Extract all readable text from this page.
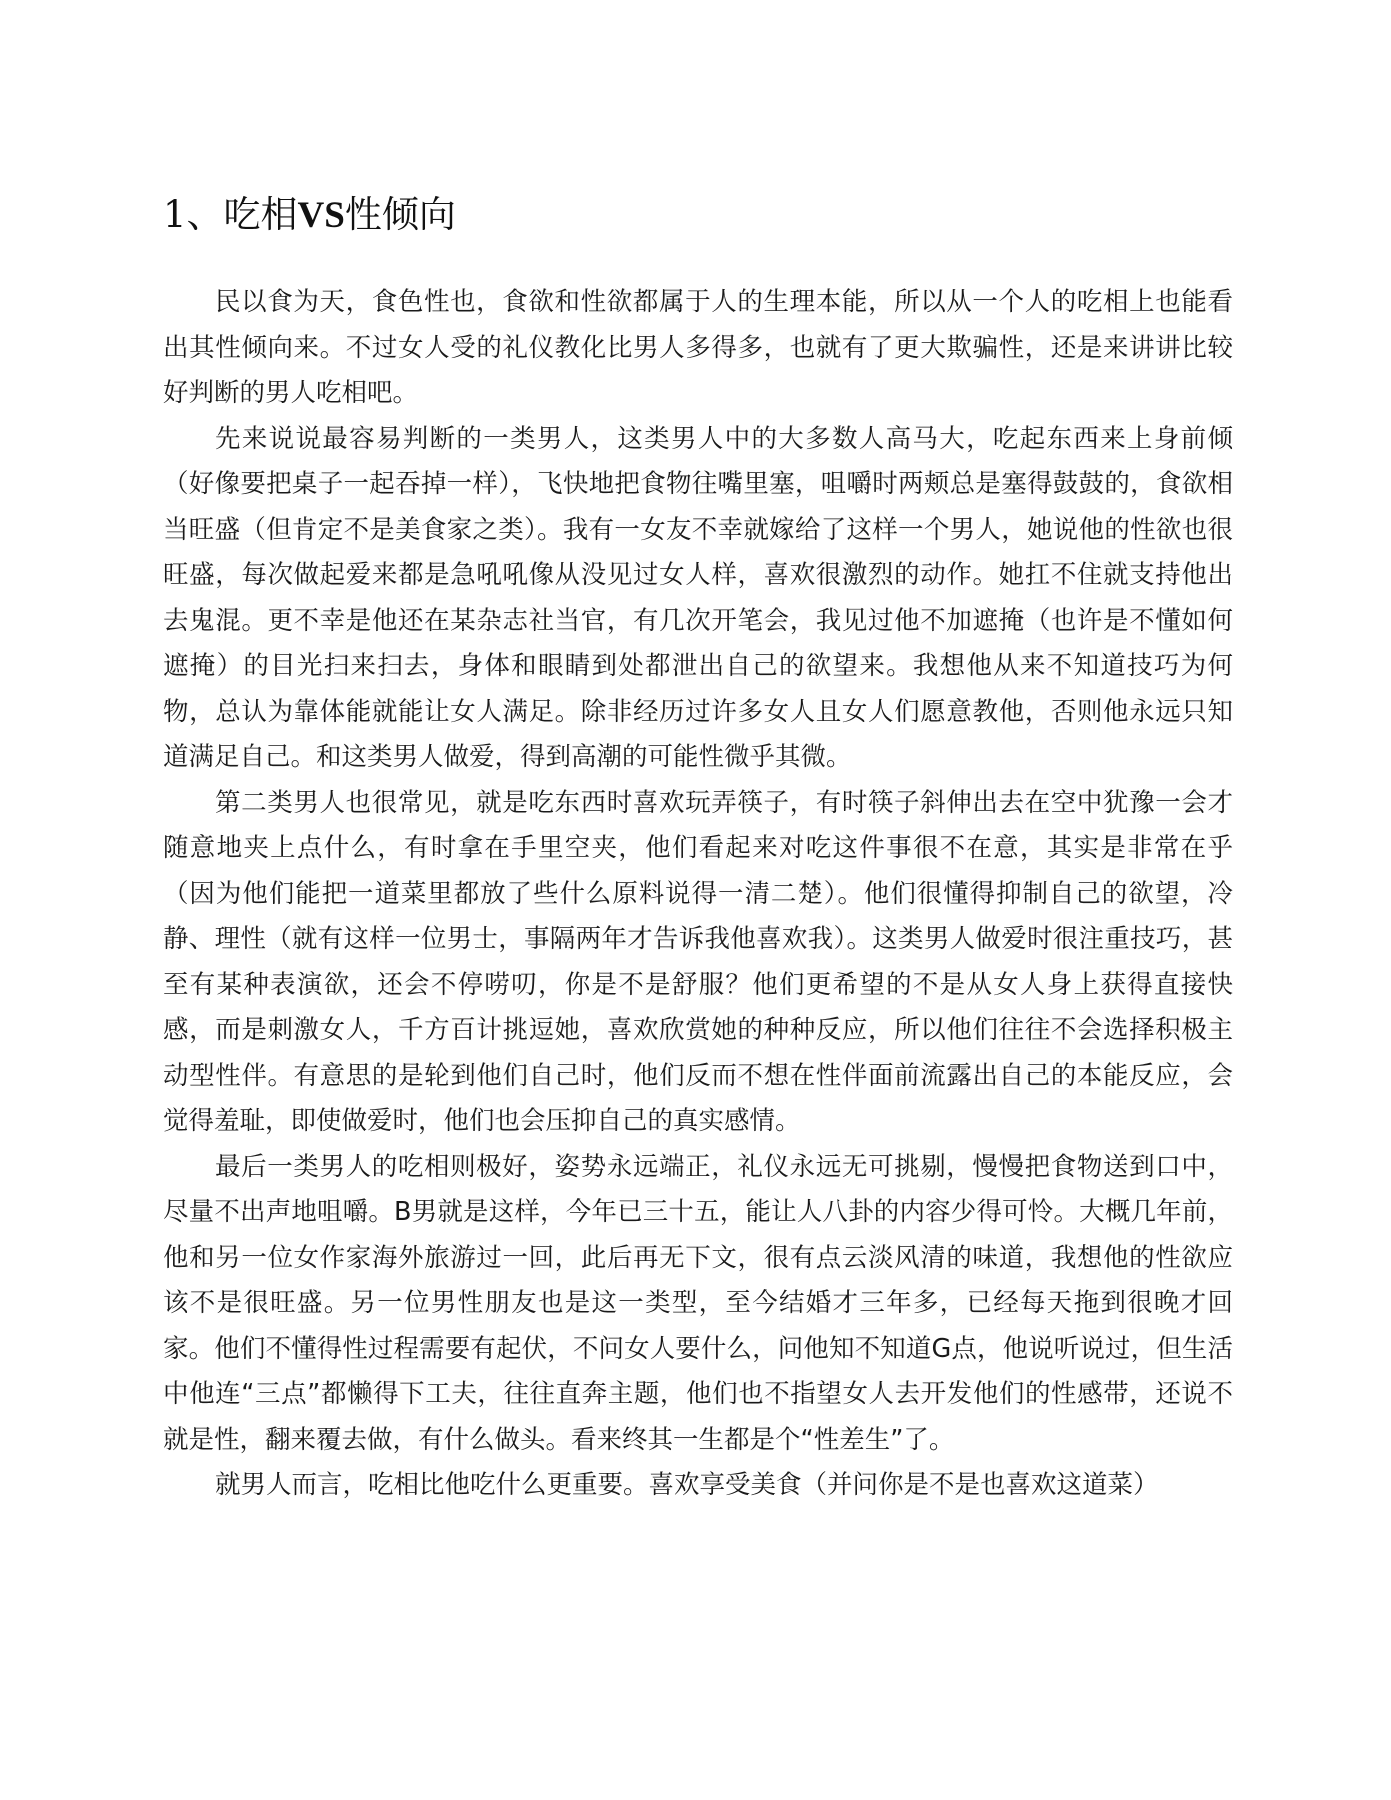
1、吃相VS性倾向

民以食为天，食色性也，食欲和性欲都属于人的生理本能，所以从一个人的吃相上也能看出其性倾向来。不过女人受的礼仪教化比男人多得多，也就有了更大欺骗性，还是来讲讲比较好判断的男人吃相吧。

先来说说最容易判断的一类男人，这类男人中的大多数人高马大，吃起东西来上身前倾（好像要把桌子一起吞掉一样），飞快地把食物往嘴里塞，咀嚼时两颊总是塞得鼓鼓的，食欲相当旺盛（但肯定不是美食家之类）。我有一女友不幸就嫁给了这样一个男人，她说他的性欲也很旺盛，每次做起爱来都是急吼吼像从没见过女人样，喜欢很激烈的动作。她扛不住就支持他出去鬼混。更不幸是他还在某杂志社当官，有几次开笔会，我见过他不加遮掩（也许是不懂如何遮掩）的目光扫来扫去，身体和眼睛到处都泄出自己的欲望来。我想他从来不知道技巧为何物，总认为靠体能就能让女人满足。除非经历过许多女人且女人们愿意教他，否则他永远只知道满足自己。和这类男人做爱，得到高潮的可能性微乎其微。

第二类男人也很常见，就是吃东西时喜欢玩弄筷子，有时筷子斜伸出去在空中犹豫一会才随意地夹上点什么，有时拿在手里空夹，他们看起来对吃这件事很不在意，其实是非常在乎（因为他们能把一道菜里都放了些什么原料说得一清二楚）。他们很懂得抑制自己的欲望，冷静、理性（就有这样一位男士，事隔两年才告诉我他喜欢我）。这类男人做爱时很注重技巧，甚至有某种表演欲，还会不停唠叨，你是不是舒服？他们更希望的不是从女人身上获得直接快感，而是刺激女人，千方百计挑逗她，喜欢欣赏她的种种反应，所以他们往往不会选择积极主动型性伴。有意思的是轮到他们自己时，他们反而不想在性伴面前流露出自己的本能反应，会觉得羞耻，即使做爱时，他们也会压抑自己的真实感情。

最后一类男人的吃相则极好，姿势永远端正，礼仪永远无可挑剔，慢慢把食物送到口中，尽量不出声地咀嚼。B男就是这样，今年已三十五，能让人八卦的内容少得可怜。大概几年前，他和另一位女作家海外旅游过一回，此后再无下文，很有点云淡风清的味道，我想他的性欲应该不是很旺盛。另一位男性朋友也是这一类型，至今结婚才三年多，已经每天拖到很晚才回家。他们不懂得性过程需要有起伏，不问女人要什么，问他知不知道G点，他说听说过，但生活中他连“三点”都懒得下工夫，往往直奔主题，他们也不指望女人去开发他们的性感带，还说不就是性，翻来覆去做，有什么做头。看来终其一生都是个“性差生”了。

就男人而言，吃相比他吃什么更重要。喜欢享受美食（并问你是不是也喜欢这道菜）
